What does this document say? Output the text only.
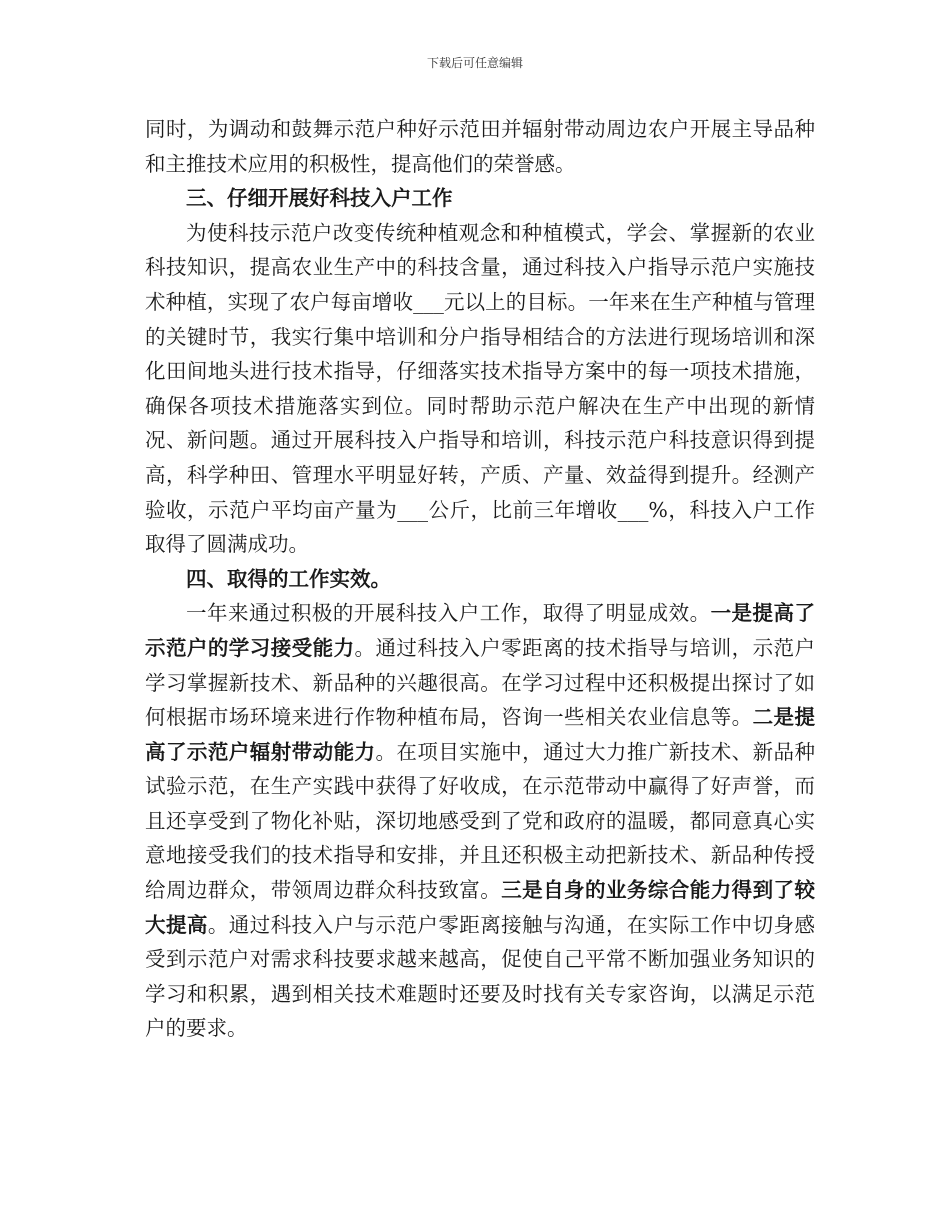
下载后可任意编辑

同时，为调动和鼓舞示范户种好示范田并辐射带动周边农户开展主导品种和主推技术应用的积极性，提高他们的荣誉感。

三、仔细开展好科技入户工作

为使科技示范户改变传统种植观念和种植模式，学会、掌握新的农业科技知识，提高农业生产中的科技含量，通过科技入户指导示范户实施技术种植，实现了农户每亩增收___元以上的目标。一年来在生产种植与管理的关键时节，我实行集中培训和分户指导相结合的方法进行现场培训和深化田间地头进行技术指导，仔细落实技术指导方案中的每一项技术措施，确保各项技术措施落实到位。同时帮助示范户解决在生产中出现的新情况、新问题。通过开展科技入户指导和培训，科技示范户科技意识得到提高，科学种田、管理水平明显好转，产质、产量、效益得到提升。经测产验收，示范户平均亩产量为___公斤，比前三年增收___%，科技入户工作取得了圆满成功。

四、取得的工作实效。

一年来通过积极的开展科技入户工作，取得了明显成效。一是提高了示范户的学习接受能力。通过科技入户零距离的技术指导与培训，示范户学习掌握新技术、新品种的兴趣很高。在学习过程中还积极提出探讨了如何根据市场环境来进行作物种植布局，咨询一些相关农业信息等。二是提高了示范户辐射带动能力。在项目实施中，通过大力推广新技术、新品种试验示范，在生产实践中获得了好收成，在示范带动中赢得了好声誉，而且还享受到了物化补贴，深切地感受到了党和政府的温暖，都同意真心实意地接受我们的技术指导和安排，并且还积极主动把新技术、新品种传授给周边群众，带领周边群众科技致富。三是自身的业务综合能力得到了较大提高。通过科技入户与示范户零距离接触与沟通，在实际工作中切身感受到示范户对需求科技要求越来越高，促使自己平常不断加强业务知识的学习和积累，遇到相关技术难题时还要及时找有关专家咨询，以满足示范户的要求。
